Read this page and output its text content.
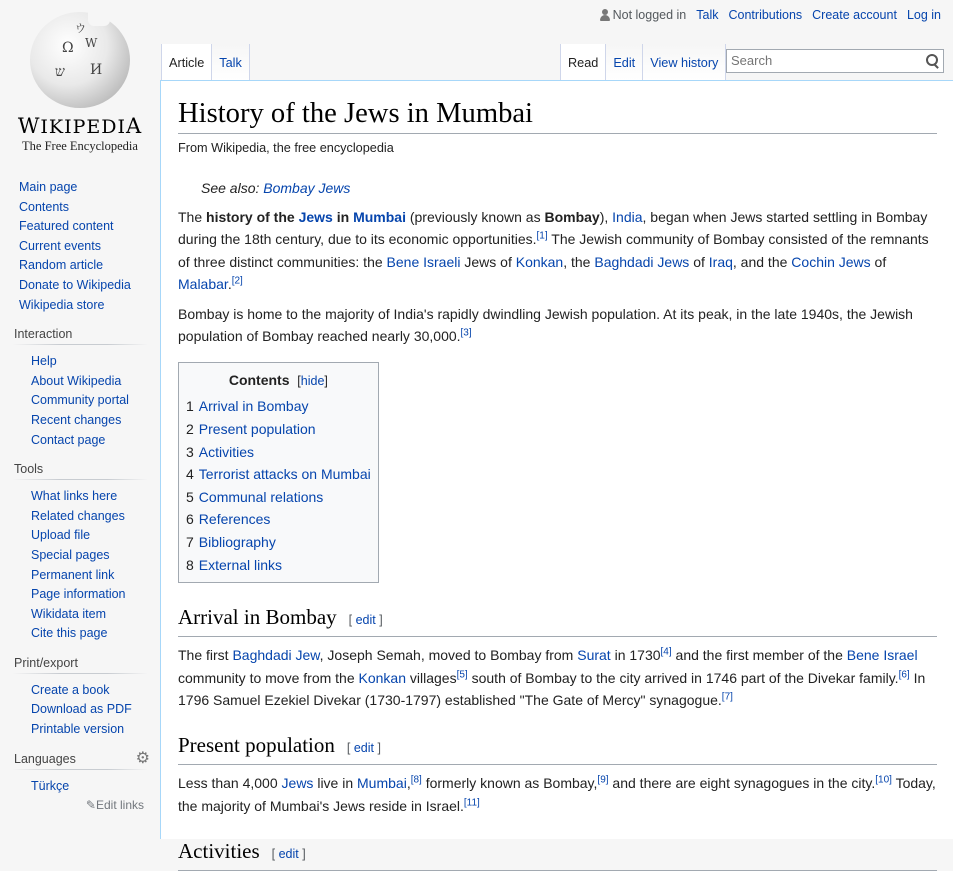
Not logged in Talk Contributions Create account Log in
ウ
Ω W
ש И
WIKIPEDIA
The Free Encyclopedia
Main page
Contents
Featured content
Current events
Random article
Donate to Wikipedia
Wikipedia store
Interaction
Help
About Wikipedia
Community portal
Recent changes
Contact page
Tools
What links here
Related changes
Upload file
Special pages
Permanent link
Page information
Wikidata item
Cite this page
Print/export
Create a book
Download as PDF
Printable version
Languages	⚙
Türkçe
✎Edit links
Article	Talk	Read	Edit	View history
Search
History of the Jews in Mumbai
From Wikipedia, the free encyclopedia
See also: Bombay Jews

The history of the Jews in Mumbai (previously known as Bombay), India, began when Jews started settling in Bombay during the 18th century, due to its economic opportunities.[1] The Jewish community of Bombay consisted of the remnants of three distinct communities: the Bene Israeli Jews of Konkan, the Baghdadi Jews of Iraq, and the Cochin Jews of Malabar.[2]

Bombay is home to the majority of India's rapidly dwindling Jewish population. At its peak, in the late 1940s, the Jewish population of Bombay reached nearly 30,000.[3]

Contents [hide]
1 Arrival in Bombay
2 Present population
3 Activities
4 Terrorist attacks on Mumbai
5 Communal relations
6 References
7 Bibliography
8 External links
Arrival in Bombay [ edit ]

The first Baghdadi Jew, Joseph Semah, moved to Bombay from Surat in 1730[4] and the first member of the Bene Israel community to move from the Konkan villages[5] south of Bombay to the city arrived in 1746 part of the Divekar family.[6] In 1796 Samuel Ezekiel Divekar (1730-1797) established "The Gate of Mercy" synagogue.[7]

Present population [ edit ]

Less than 4,000 Jews live in Mumbai,[8] formerly known as Bombay,[9] and there are eight synagogues in the city.[10] Today, the majority of Mumbai's Jews reside in Israel.[11]

Activities [ edit ]
